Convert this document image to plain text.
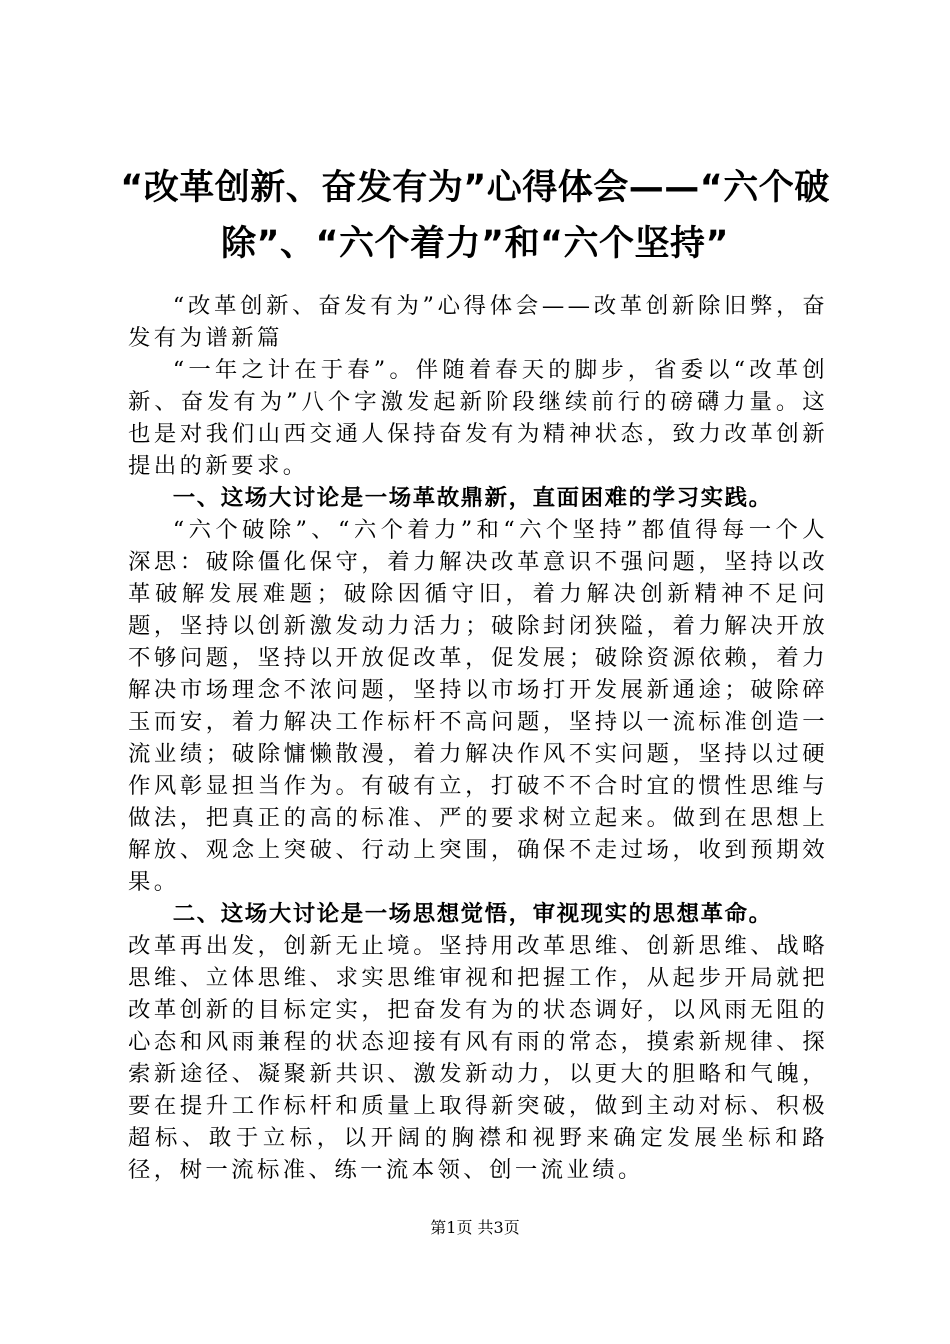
“改革创新、奋发有为”心得体会——“六个破除”、“六个着力”和“六个坚持”

“改革创新、奋发有为”心得体会——改革创新除旧弊，奋发有为谱新篇

“一年之计在于春”。伴随着春天的脚步，省委以“改革创新、奋发有为”八个字激发起新阶段继续前行的磅礴力量。这也是对我们山西交通人保持奋发有为精神状态，致力改革创新提出的新要求。

一、这场大讨论是一场革故鼎新，直面困难的学习实践。

“六个破除”、“六个着力”和“六个坚持”都值得每一个人深思：破除僵化保守，着力解决改革意识不强问题，坚持以改革破解发展难题；破除因循守旧，着力解决创新精神不足问题，坚持以创新激发动力活力；破除封闭狭隘，着力解决开放不够问题，坚持以开放促改革，促发展；破除资源依赖，着力解决市场理念不浓问题，坚持以市场打开发展新通途；破除碎玉而安，着力解决工作标杆不高问题，坚持以一流标准创造一流业绩；破除慵懒散漫，着力解决作风不实问题，坚持以过硬作风彰显担当作为。有破有立，打破不不合时宜的惯性思维与做法，把真正的高的标准、严的要求树立起来。做到在思想上解放、观念上突破、行动上突围，确保不走过场，收到预期效果。

二、这场大讨论是一场思想觉悟，审视现实的思想革命。

改革再出发，创新无止境。坚持用改革思维、创新思维、战略思维、立体思维、求实思维审视和把握工作，从起步开局就把改革创新的目标定实，把奋发有为的状态调好，以风雨无阻的心态和风雨兼程的状态迎接有风有雨的常态，摸索新规律、探索新途径、凝聚新共识、激发新动力，以更大的胆略和气魄，要在提升工作标杆和质量上取得新突破，做到主动对标、积极超标、敢于立标，以开阔的胸襟和视野来确定发展坐标和路径，树一流标准、练一流本领、创一流业绩。

第1页 共3页
